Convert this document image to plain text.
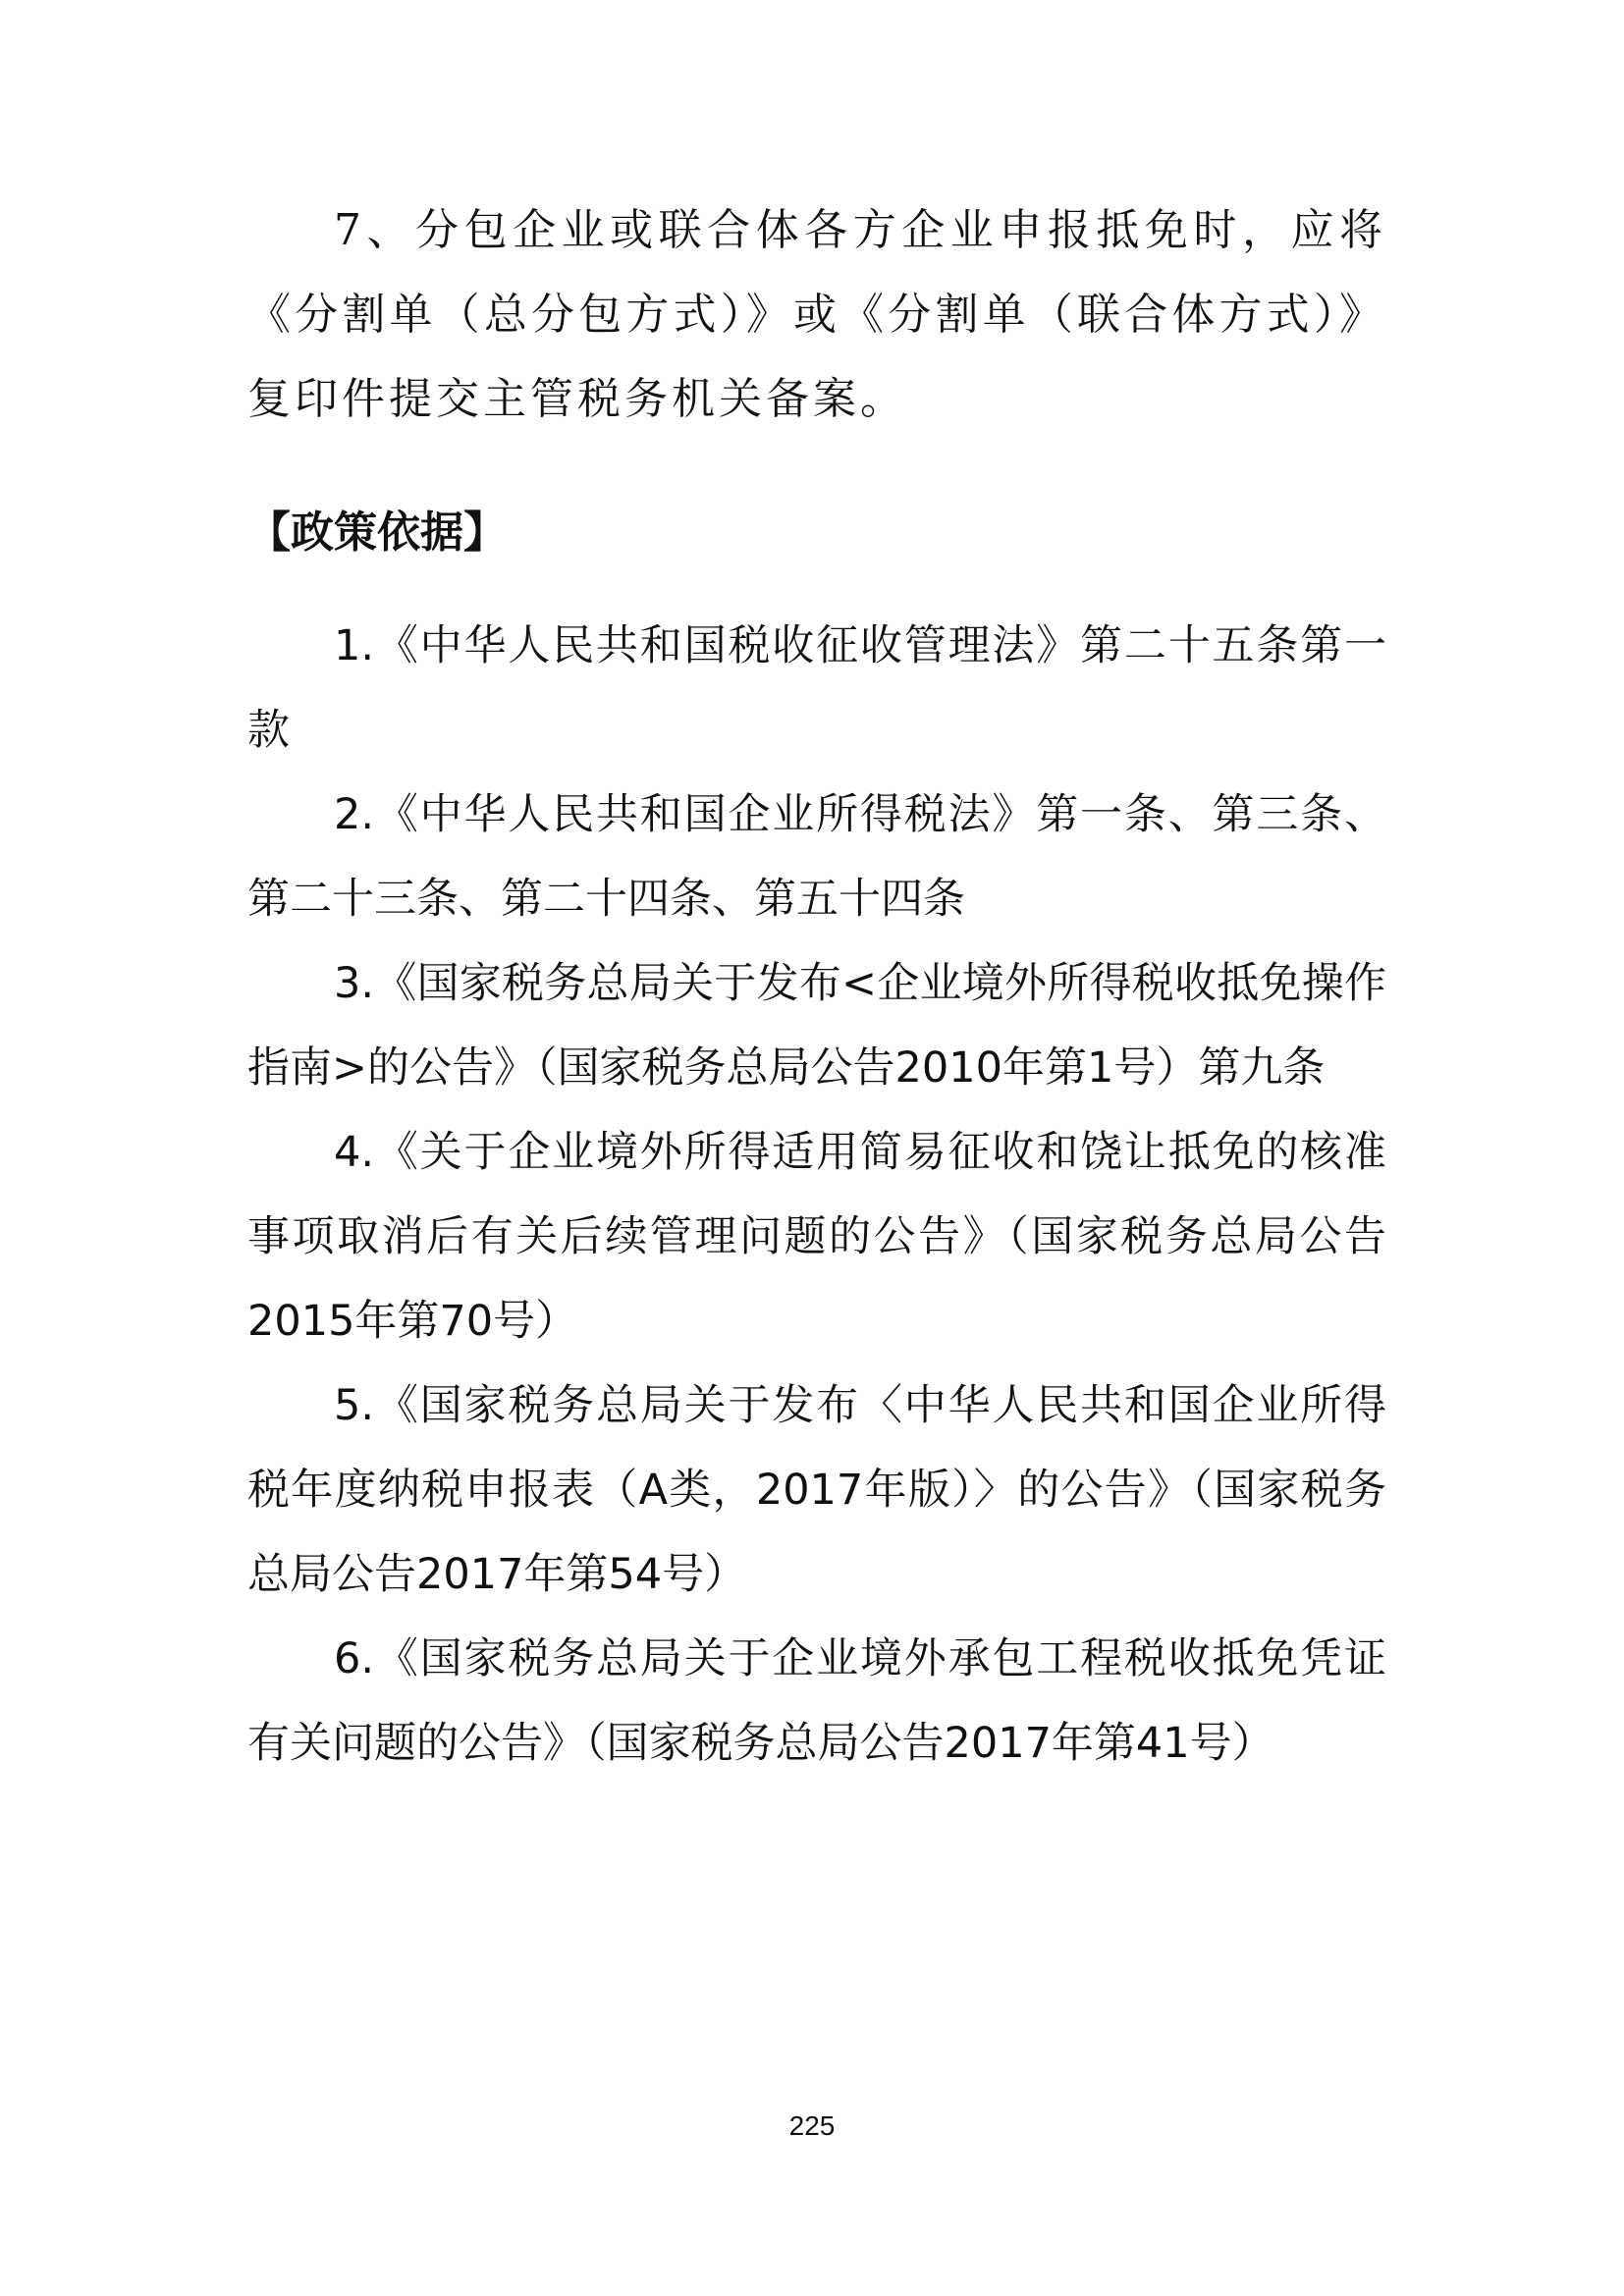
7、分包企业或联合体各方企业申报抵免时，应将《分割单（总分包方式）》或《分割单（联合体方式）》复印件提交主管税务机关备案。

【政策依据】
1.《中华人民共和国税收征收管理法》第二十五条第一款
2.《中华人民共和国企业所得税法》第一条、第三条、第二十三条、第二十四条、第五十四条
3.《国家税务总局关于发布<企业境外所得税收抵免操作指南>的公告》（国家税务总局公告2010年第1号）第九条
4.《关于企业境外所得适用简易征收和饶让抵免的核准事项取消后有关后续管理问题的公告》（国家税务总局公告2015年第70号）
5.《国家税务总局关于发布〈中华人民共和国企业所得税年度纳税申报表（A类，2017年版）〉的公告》（国家税务总局公告2017年第54号）
6.《国家税务总局关于企业境外承包工程税收抵免凭证有关问题的公告》（国家税务总局公告2017年第41号）
225
